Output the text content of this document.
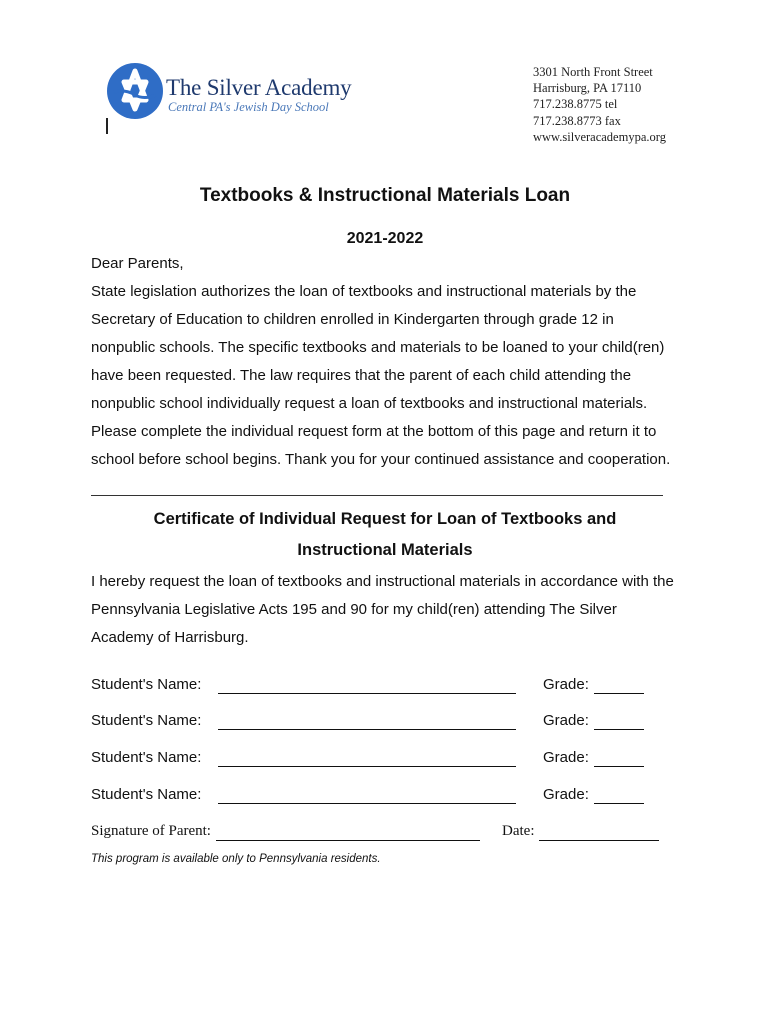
The Silver Academy
Central PA's Jewish Day School
3301 North Front Street
Harrisburg, PA 17110
717.238.8775 tel
717.238.8773 fax
www.silveracademypa.org
Textbooks & Instructional Materials Loan
2021-2022
Dear Parents,
State legislation authorizes the loan of textbooks and instructional materials by the
Secretary of Education to children enrolled in Kindergarten through grade 12 in
nonpublic schools. The specific textbooks and materials to be loaned to your child(ren)
have been requested. The law requires that the parent of each child attending the
nonpublic school individually request a loan of textbooks and instructional materials.
Please complete the individual request form at the bottom of this page and return it to
school before school begins. Thank you for your continued assistance and cooperation.
Certificate of Individual Request for Loan of Textbooks and
Instructional Materials
I hereby request the loan of textbooks and instructional materials in accordance with the
Pennsylvania Legislative Acts 195 and 90 for my child(ren) attending The Silver
Academy of Harrisburg.
Student's Name:	Grade:
Student's Name:	Grade:
Student's Name:	Grade:
Student's Name:	Grade:
Signature of Parent:	Date:
This program is available only to Pennsylvania residents.
